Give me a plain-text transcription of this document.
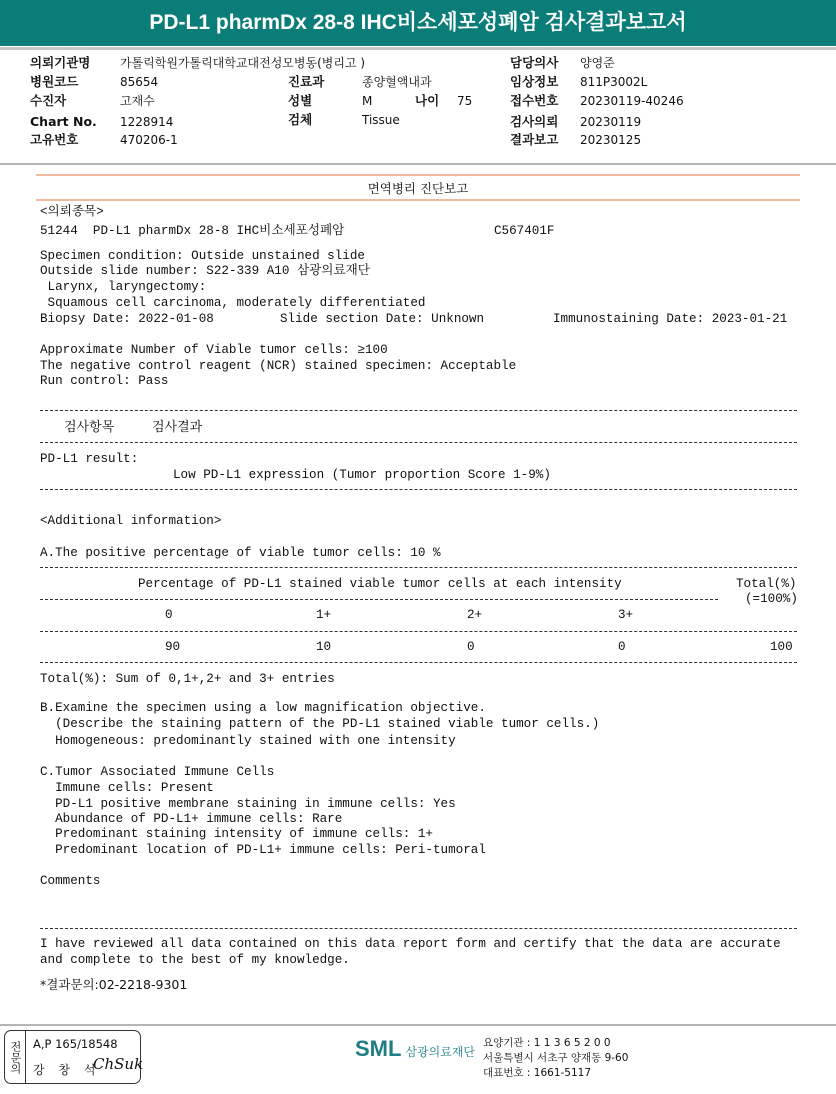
PD-L1 pharmDx 28-8 IHC비소세포성폐암 검사결과보고서
의뢰기관명 가톨릭학원가톨릭대학교대전성모병동(병리고 )
병원코드	85654
수진자	고재수
Chart No. 1228914
고유번호	470206-1
진료과	종양혈액내과
성별	M	나이 75
검체	Tissue
담당의사 양영준
임상정보 811P3002L
접수번호 20230119-40246
검사의뢰 20230119
결과보고 20230125
면역병리 진단보고
<의뢰종목>
51244  PD-L1 pharmDx 28-8 IHC비소세포성폐암	C567401F
Specimen condition: Outside unstained slide
Outside slide number: S22-339 A10 삼광의료재단
Larynx, laryngectomy:
Squamous cell carcinoma, moderately differentiated
Biopsy Date: 2022-01-08	Slide section Date: Unknown	Immunostaining Date: 2023-01-21
Approximate Number of Viable tumor cells: ≥100
The negative control reagent (NCR) stained specimen: Acceptable
Run control: Pass
검사항목	검사결과
PD-L1 result:
Low PD-L1 expression (Tumor proportion Score 1-9%)
<Additional information>
A.The positive percentage of viable tumor cells: 10 %
Percentage of PD-L1 stained viable tumor cells at each intensity	Total(%)
(=100%)
0	1+	2+	3+
90	10	0	0	100
Total(%): Sum of 0,1+,2+ and 3+ entries
B.Examine the specimen using a low magnification objective.
(Describe the staining pattern of the PD-L1 stained viable tumor cells.)
Homogeneous: predominantly stained with one intensity
C.Tumor Associated Immune Cells
Immune cells: Present
PD-L1 positive membrane staining in immune cells: Yes
Abundance of PD-L1+ immune cells: Rare
Predominant staining intensity of immune cells: 1+
Predominant location of PD-L1+ immune cells: Peri-tumoral
Comments
I have reviewed all data contained on this data report form and certify that the data are accurate
and complete to the best of my knowledge.
*결과문의:02-2218-9301
전문의 A,P 165/18548
강 창 석
ChSuk
SML 삼광의료재단
요양기관 : 1 1 3 6 5 2 0 0
서울특별시 서초구 양재동 9-60
대표번호 : 1661-5117
